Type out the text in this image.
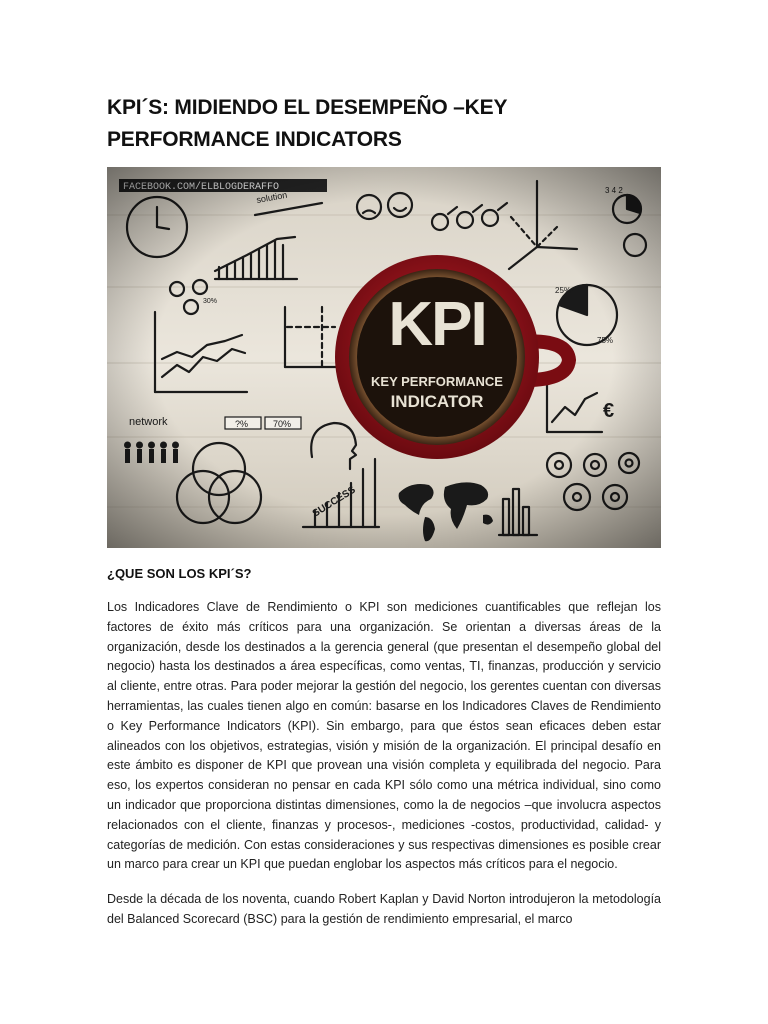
KPI´S: MIDIENDO EL DESEMPEÑO –KEY PERFORMANCE INDICATORS
¿QUE SON LOS KPI´S?

Los Indicadores Clave de Rendimiento o KPI son mediciones cuantificables que reflejan los factores de éxito más críticos para una organización. Se orientan a diversas áreas de la organización, desde los destinados a la gerencia general (que presentan el desempeño global del negocio) hasta los destinados a área específicas, como ventas, TI, finanzas, producción y servicio al cliente, entre otras. Para poder mejorar la gestión del negocio, los gerentes cuentan con diversas herramientas, las cuales tienen algo en común: basarse en los Indicadores Claves de Rendimiento o Key Performance Indicators (KPI). Sin embargo, para que éstos sean eficaces deben estar alineados con los objetivos, estrategias, visión y misión de la organización. El principal desafío en este ámbito es disponer de KPI que provean una visión completa y equilibrada del negocio. Para eso, los expertos consideran no pensar en cada KPI sólo como una métrica individual, sino como un indicador que proporciona distintas dimensiones, como la de negocios –que involucra aspectos relacionados con el cliente, finanzas y procesos-, mediciones -costos, productividad, calidad- y categorías de medición. Con estas consideraciones y sus respectivas dimensiones es posible crear un marco para crear un KPI que puedan englobar los aspectos más críticos para el negocio.

Desde la década de los noventa, cuando Robert Kaplan y David Norton introdujeron la metodología del Balanced Scorecard (BSC) para la gestión de rendimiento empresarial, el marco
